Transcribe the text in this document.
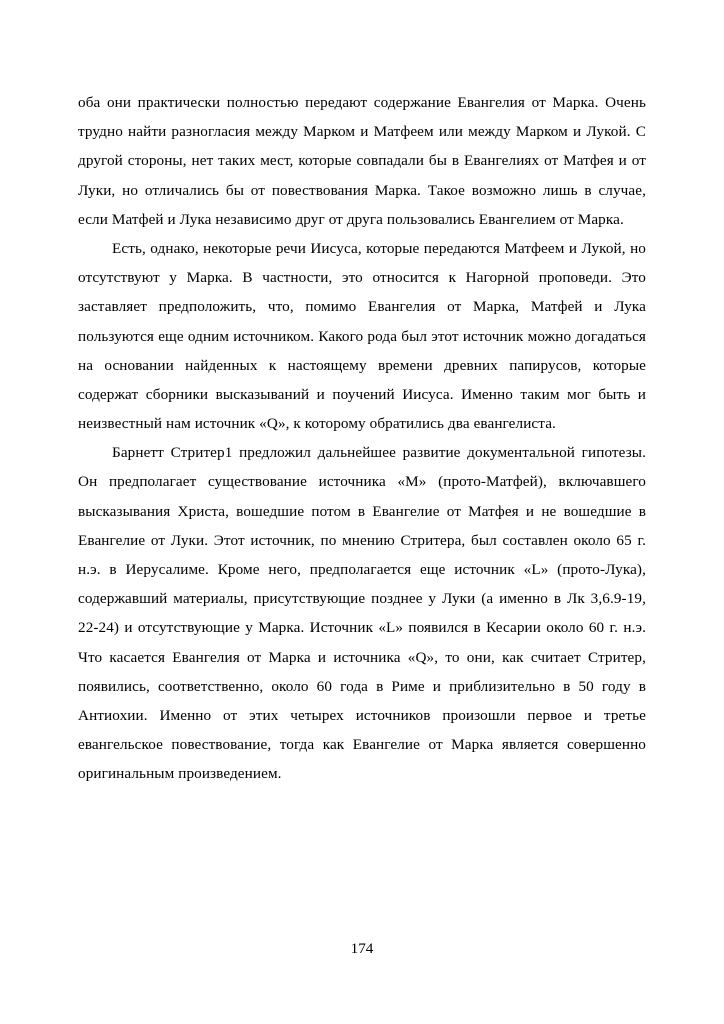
оба они практически полностью передают содержание Евангелия от Марка. Очень трудно найти разногласия между Марком и Матфеем или между Марком и Лукой. С другой стороны, нет таких мест, которые совпадали бы в Евангелиях от Матфея и от Луки, но отличались бы от повествования Марка. Такое возможно лишь в случае, если Матфей и Лука независимо друг от друга пользовались Евангелием от Марка.

Есть, однако, некоторые речи Иисуса, которые передаются Матфеем и Лукой, но отсутствуют у Марка. В частности, это относится к Нагорной проповеди. Это заставляет предположить, что, помимо Евангелия от Марка, Матфей и Лука пользуются еще одним источником. Какого рода был этот источник можно догадаться на основании найденных к настоящему времени древних папирусов, которые содержат сборники высказываний и поучений Иисуса. Именно таким мог быть и неизвестный нам источник «Q», к которому обратились два евангелиста.

Барнетт Стритер1 предложил дальнейшее развитие документальной гипотезы. Он предполагает существование источника «М» (прото-Матфей), включавшего высказывания Христа, вошедшие потом в Евангелие от Матфея и не вошедшие в Евангелие от Луки. Этот источник, по мнению Стритера, был составлен около 65 г. н.э. в Иерусалиме. Кроме него, предполагается еще источник «L» (прото-Лука), содержавший материалы, присутствующие позднее у Луки (а именно в Лк 3,6.9-19, 22-24) и отсутствующие у Марка. Источник «L» появился в Кесарии около 60 г. н.э. Что касается Евангелия от Марка и источника «Q», то они, как считает Стритер, появились, соответственно, около 60 года в Риме и приблизительно в 50 году в Антиохии. Именно от этих четырех источников произошли первое и третье евангельское повествование, тогда как Евангелие от Марка является совершенно оригинальным произведением.

174
